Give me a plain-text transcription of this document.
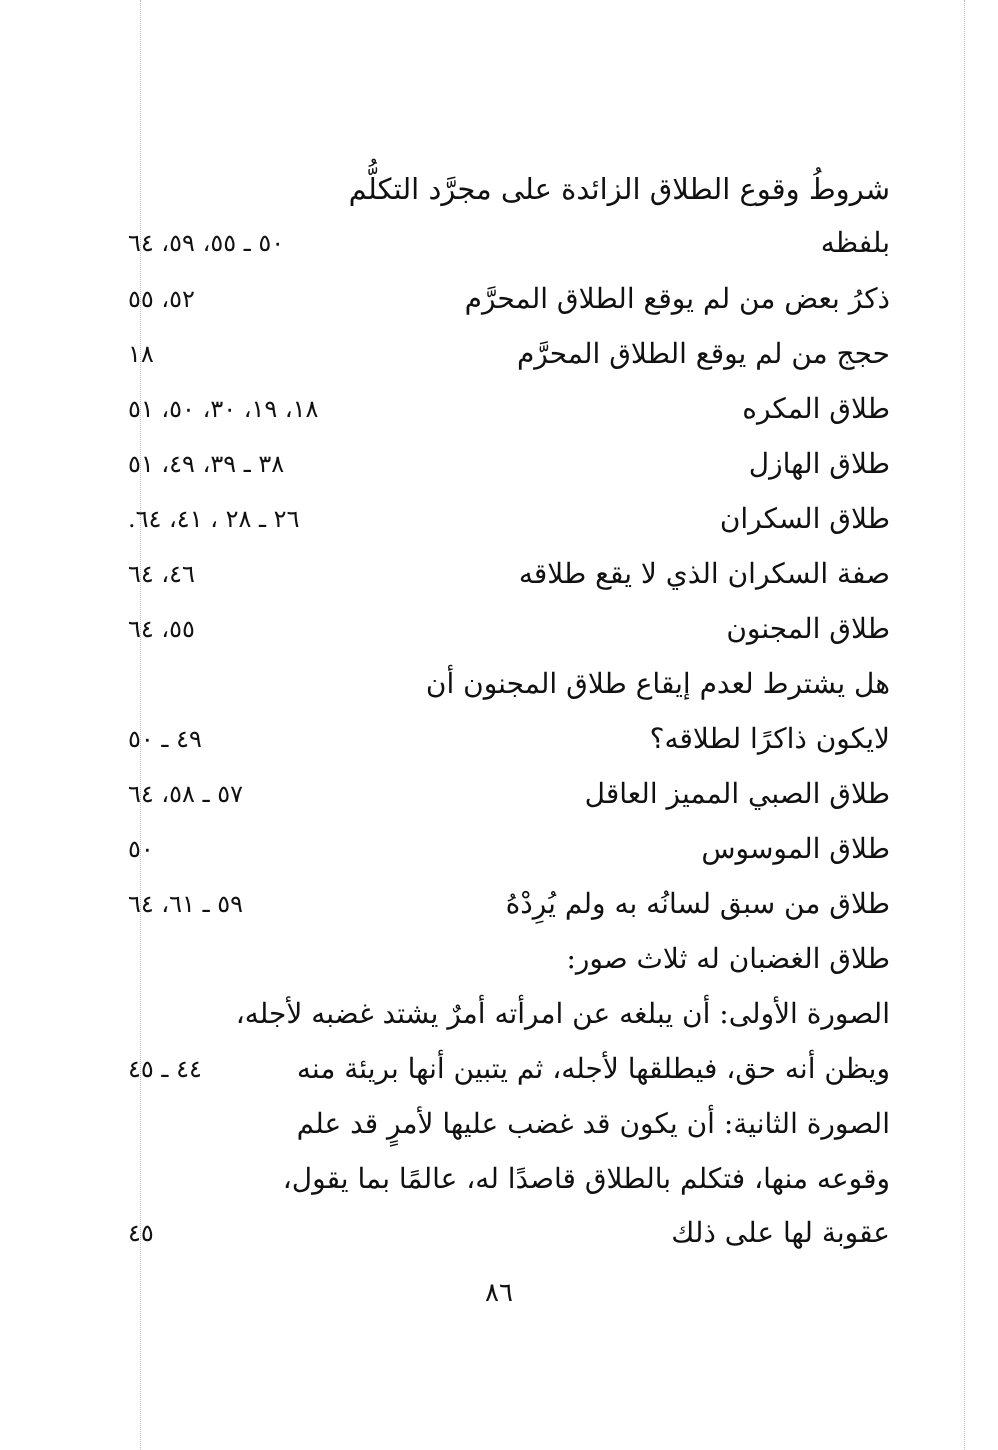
شروطُ وقوع الطلاق الزائدة على مجرَّد التكلُّم
بلفظه
٥٠ ـ ٥٥، ٥٩، ٦٤
ذكرُ بعض من لم يوقع الطلاق المحرَّم
٥٢، ٥٥
حجج من لم يوقع الطلاق المحرَّم
١٨
طلاق المكره
١٨، ١٩، ٣٠، ٥٠، ٥١
طلاق الهازل
٣٨ ـ ٣٩، ٤٩، ٥١
طلاق السكران
٢٦ ـ ٢٨ ، ٤١، ٦٤.
صفة السكران الذي لا يقع طلاقه
٤٦، ٦٤
طلاق المجنون
٥٥، ٦٤
هل يشترط لعدم إيقاع طلاق المجنون أن
لايكون ذاكرًا لطلاقه؟
٤٩ ـ ٥٠
طلاق الصبي المميز العاقل
٥٧ ـ ٥٨، ٦٤
طلاق الموسوس
٥٠
طلاق من سبق لسانُه به ولم يُرِدْهُ
٥٩ ـ ٦١، ٦٤
طلاق الغضبان له ثلاث صور:
الصورة الأولى: أن يبلغه عن امرأته أمرٌ يشتد غضبه لأجله،
ويظن أنه حق، فيطلقها لأجله، ثم يتبين أنها بريئة منه
٤٤ ـ ٤٥
الصورة الثانية: أن يكون قد غضب عليها لأمرٍ قد علم
وقوعه منها، فتكلم بالطلاق قاصدًا له، عالمًا بما يقول،
عقوبة لها على ذلك
٤٥
٨٦
